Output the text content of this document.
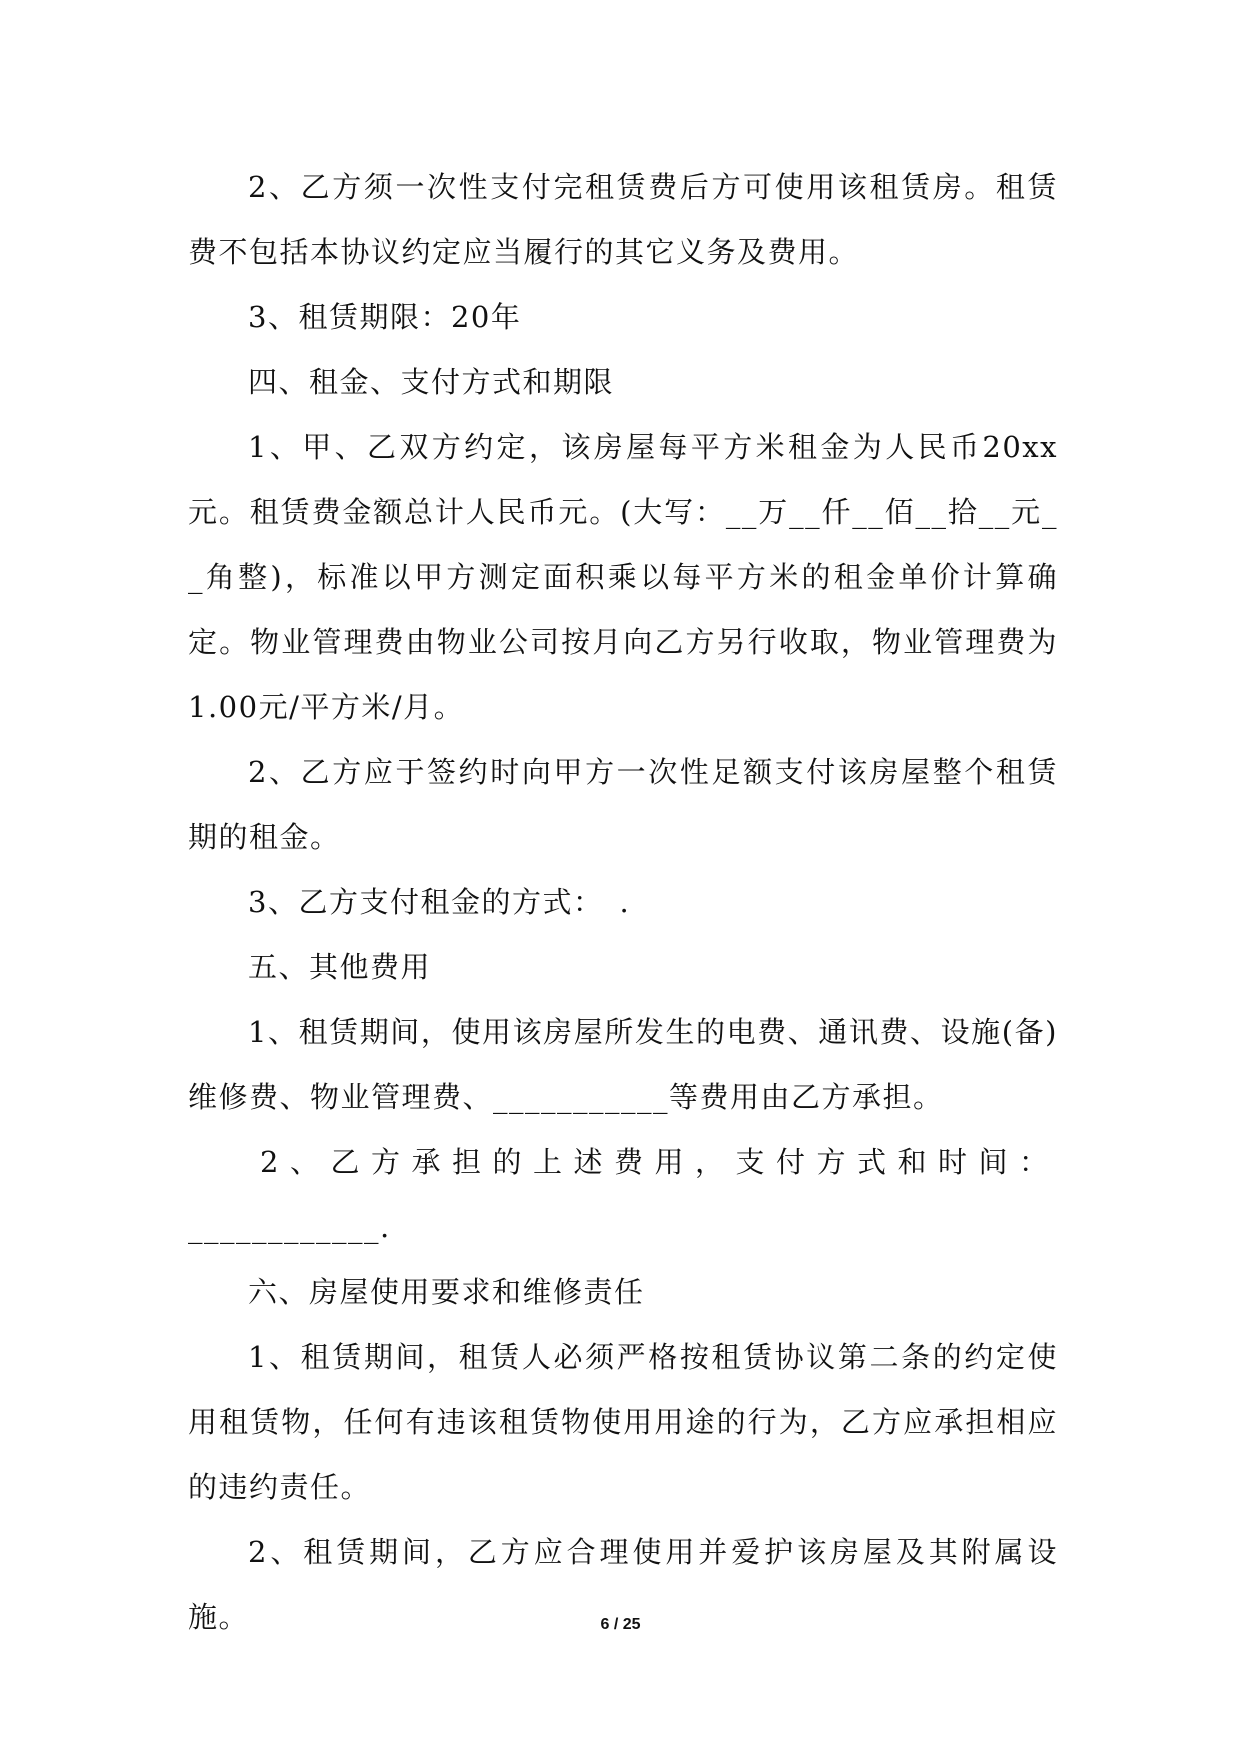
2、乙方须一次性支付完租赁费后方可使用该租赁房。租赁费不包括本协议约定应当履行的其它义务及费用。

3、租赁期限：20年

四、租金、支付方式和期限

1、甲、乙双方约定，该房屋每平方米租金为人民币20xx元。租赁费金额总计人民币元。(大写：__万__仟__佰__拾__元__角整)，标准以甲方测定面积乘以每平方米的租金单价计算确定。物业管理费由物业公司按月向乙方另行收取，物业管理费为1.00元/平方米/月。

2、乙方应于签约时向甲方一次性足额支付该房屋整个租赁期的租金。

3、乙方支付租金的方式：　.

五、其他费用

1、租赁期间，使用该房屋所发生的电费、通讯费、设施(备)维修费、物业管理费、___________等费用由乙方承担。

2、乙方承担的上述费用，支付方式和时间：

____________.

六、房屋使用要求和维修责任

1、租赁期间，租赁人必须严格按租赁协议第二条的约定使用租赁物，任何有违该租赁物使用用途的行为，乙方应承担相应的违约责任。

2、租赁期间，乙方应合理使用并爱护该房屋及其附属设施。	6 / 25
